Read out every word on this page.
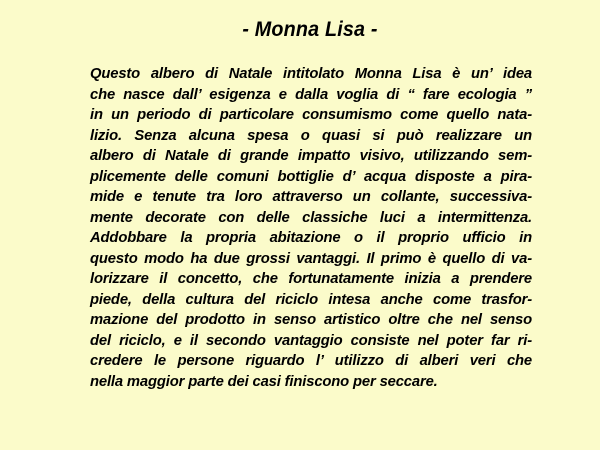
- Monna Lisa -
Questo albero di Natale intitolato Monna Lisa è un’ idea
che nasce dall’ esigenza e dalla voglia di “ fare ecologia ”
in un periodo di particolare consumismo come quello nata-
lizio. Senza alcuna spesa o quasi si può realizzare un
albero di Natale di grande impatto visivo, utilizzando sem-
plicemente delle comuni bottiglie d’ acqua disposte a pira-
mide e tenute tra loro attraverso un collante, successiva-
mente decorate con delle classiche luci a intermittenza.
Addobbare la propria abitazione o il proprio ufficio in
questo modo ha due grossi vantaggi. Il primo è quello di va-
lorizzare il concetto, che fortunatamente inizia a prendere
piede, della cultura del riciclo intesa anche come trasfor-
mazione del prodotto in senso artistico oltre che nel senso
del riciclo, e il secondo vantaggio consiste nel poter far ri-
credere le persone riguardo l’ utilizzo di alberi veri che
nella maggior parte dei casi finiscono per seccare.
